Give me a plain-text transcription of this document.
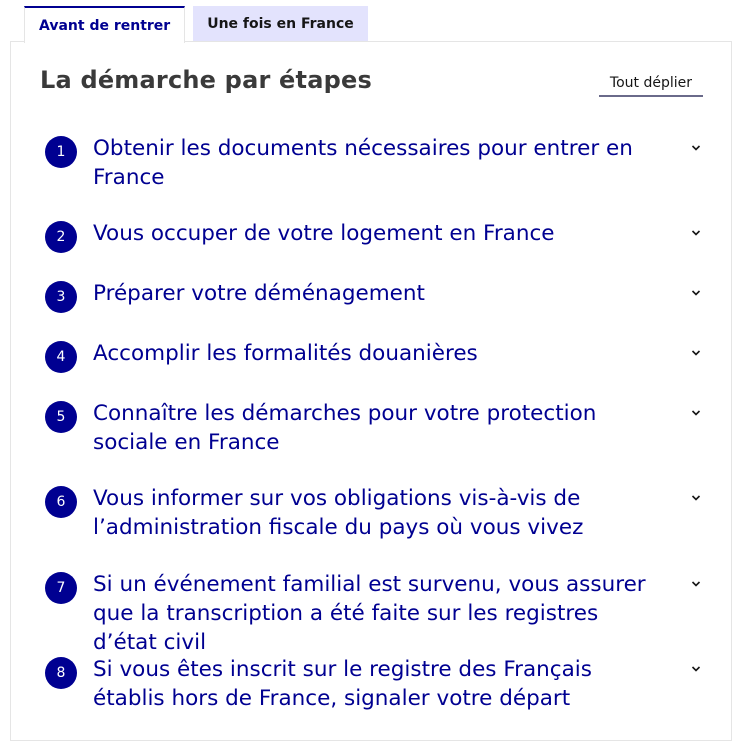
Avant de rentrer	Une fois en France
La démarche par étapes	Tout déplier
1	Obtenir les documents nécessaires pour entrer en France
2	Vous occuper de votre logement en France
3	Préparer votre déménagement
4	Accomplir les formalités douanières
5	Connaître les démarches pour votre protection sociale en France
6	Vous informer sur vos obligations vis-à-vis de l’administration fiscale du pays où vous vivez
7	Si un événement familial est survenu, vous assurer que la transcription a été faite sur les registres d’état civil
8	Si vous êtes inscrit sur le registre des Français établis hors de France, signaler votre départ
